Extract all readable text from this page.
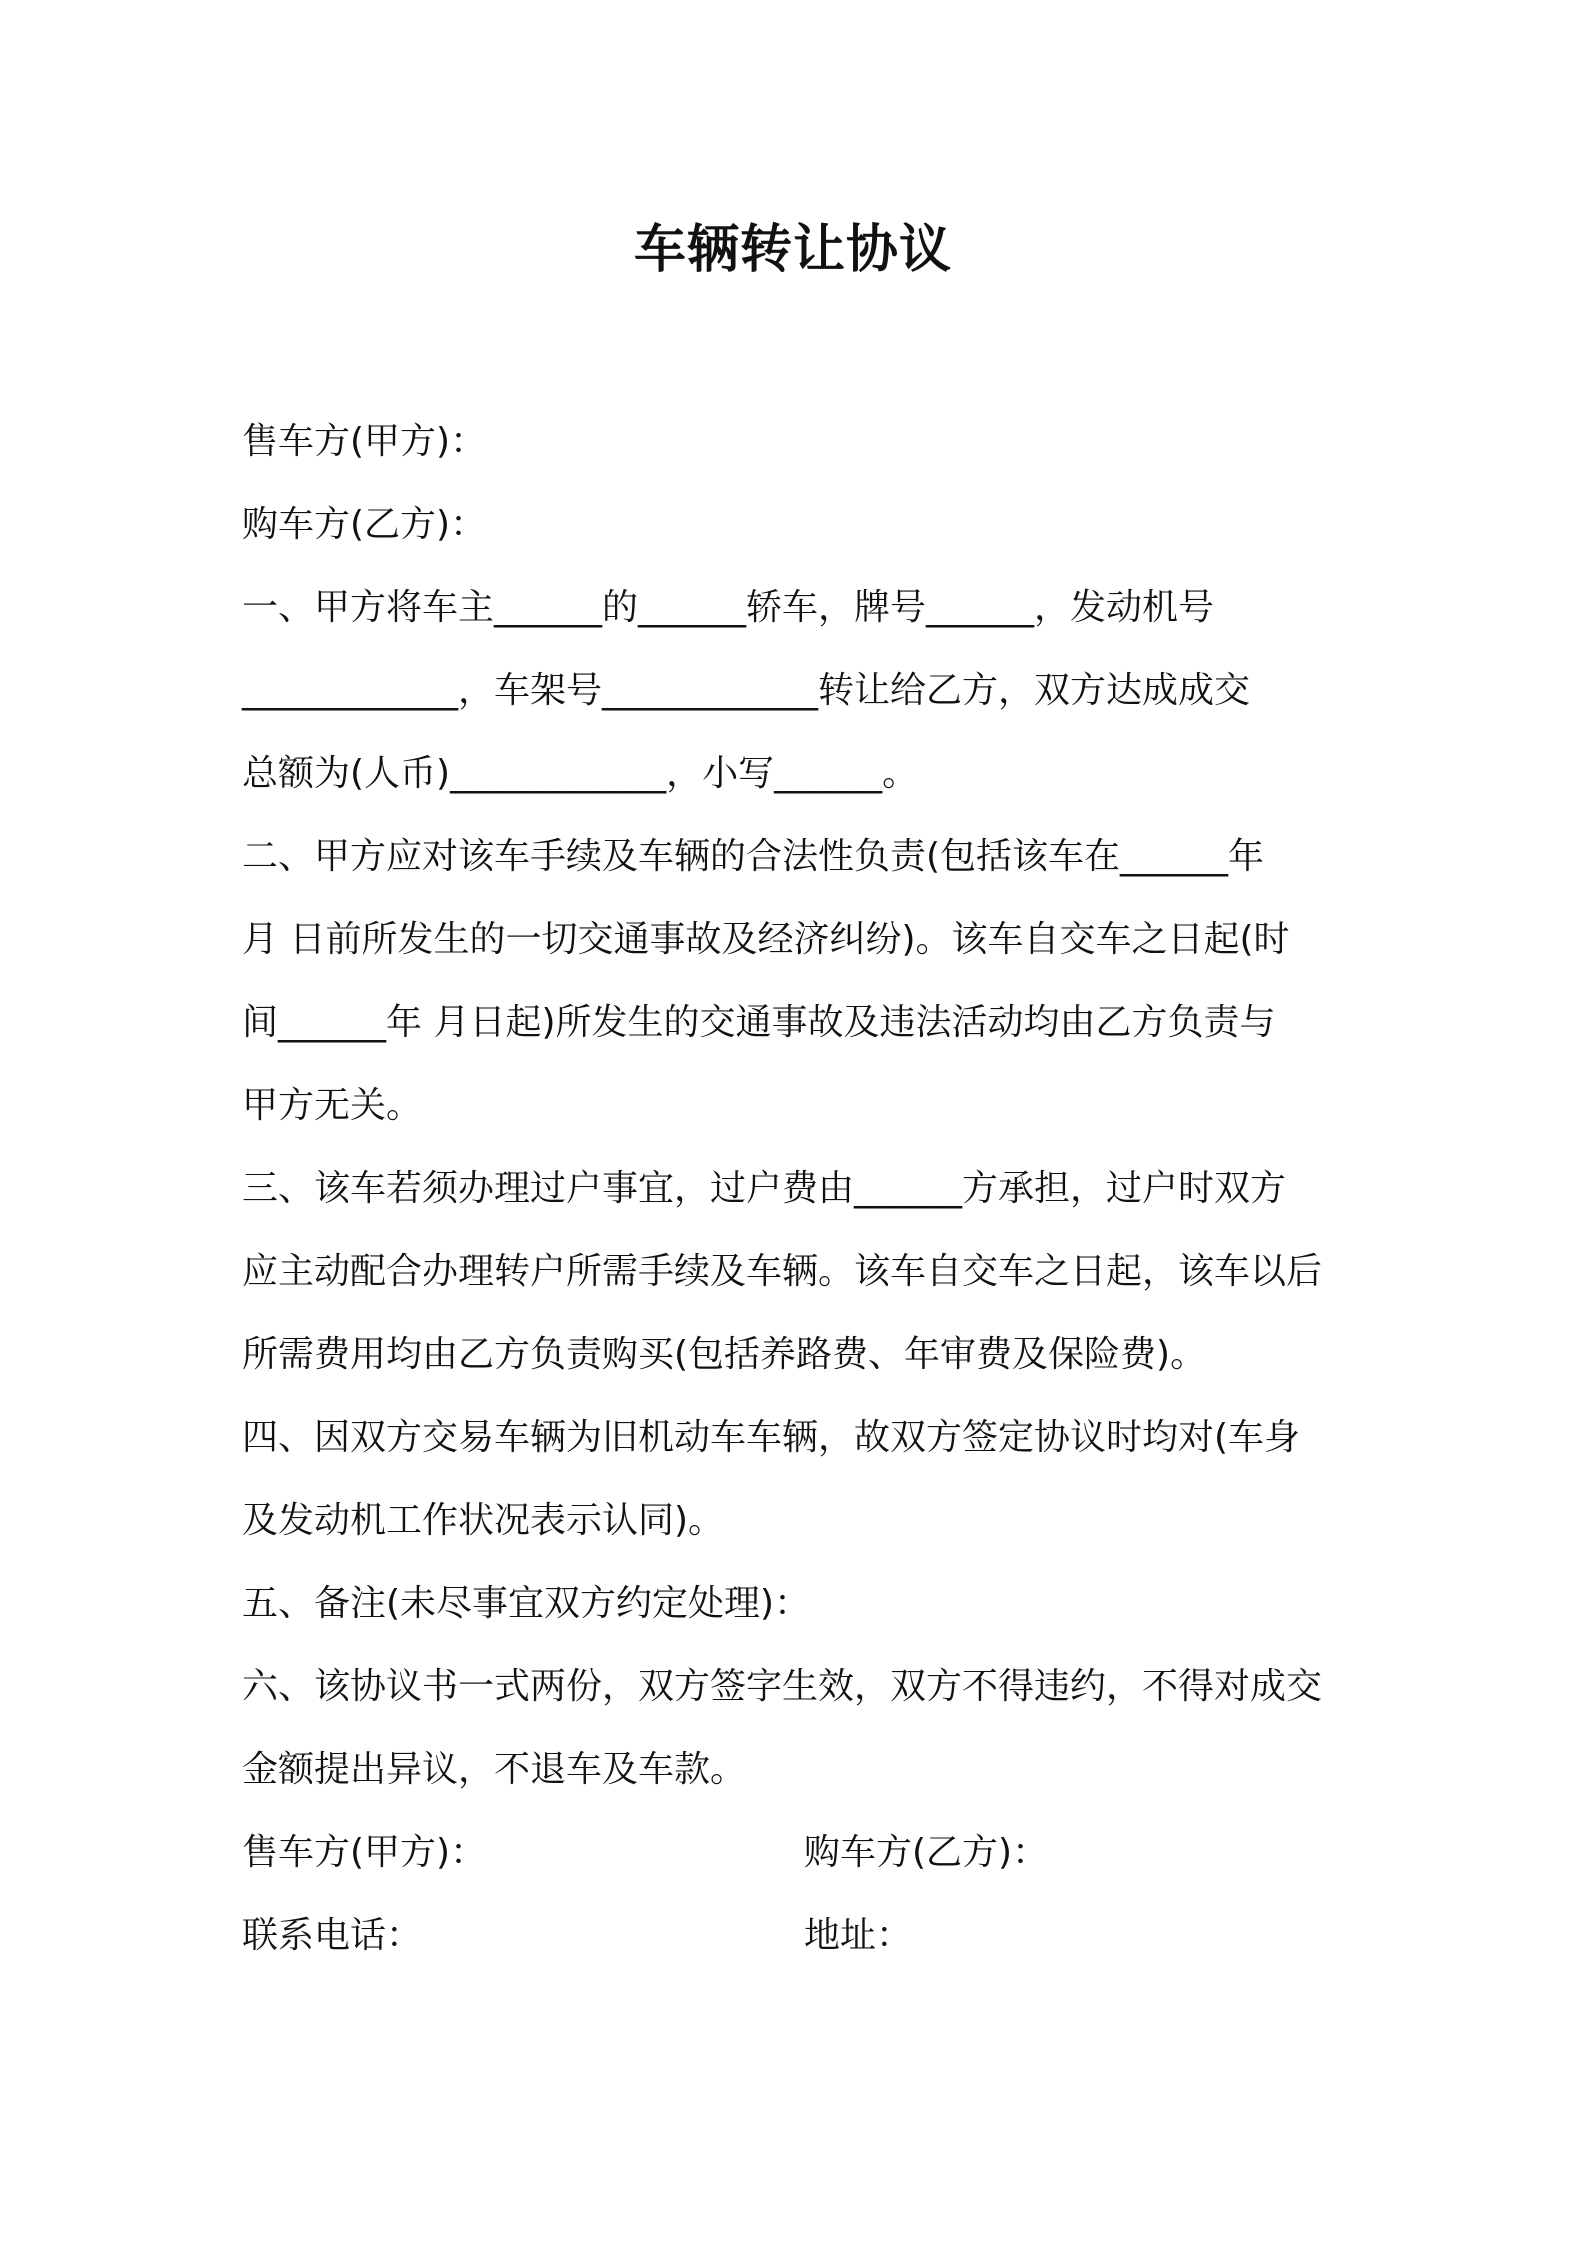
车辆转让协议
售车方(甲方)：
购车方(乙方)：
一、甲方将车主______的______轿车，牌号______，发动机号
____________，车架号____________转让给乙方，双方达成成交
总额为(人币)____________，小写______。
二、甲方应对该车手续及车辆的合法性负责(包括该车在______年
月 日前所发生的一切交通事故及经济纠纷)。该车自交车之日起(时
间______年 月日起)所发生的交通事故及违法活动均由乙方负责与
甲方无关。
三、该车若须办理过户事宜，过户费由______方承担，过户时双方
应主动配合办理转户所需手续及车辆。该车自交车之日起，该车以后
所需费用均由乙方负责购买(包括养路费、年审费及保险费)。
四、因双方交易车辆为旧机动车车辆，故双方签定协议时均对(车身
及发动机工作状况表示认同)。
五、备注(未尽事宜双方约定处理)：
六、该协议书一式两份，双方签字生效，双方不得违约，不得对成交
金额提出异议，不退车及车款。
售车方(甲方)：	购车方(乙方)：
联系电话：	地址：
